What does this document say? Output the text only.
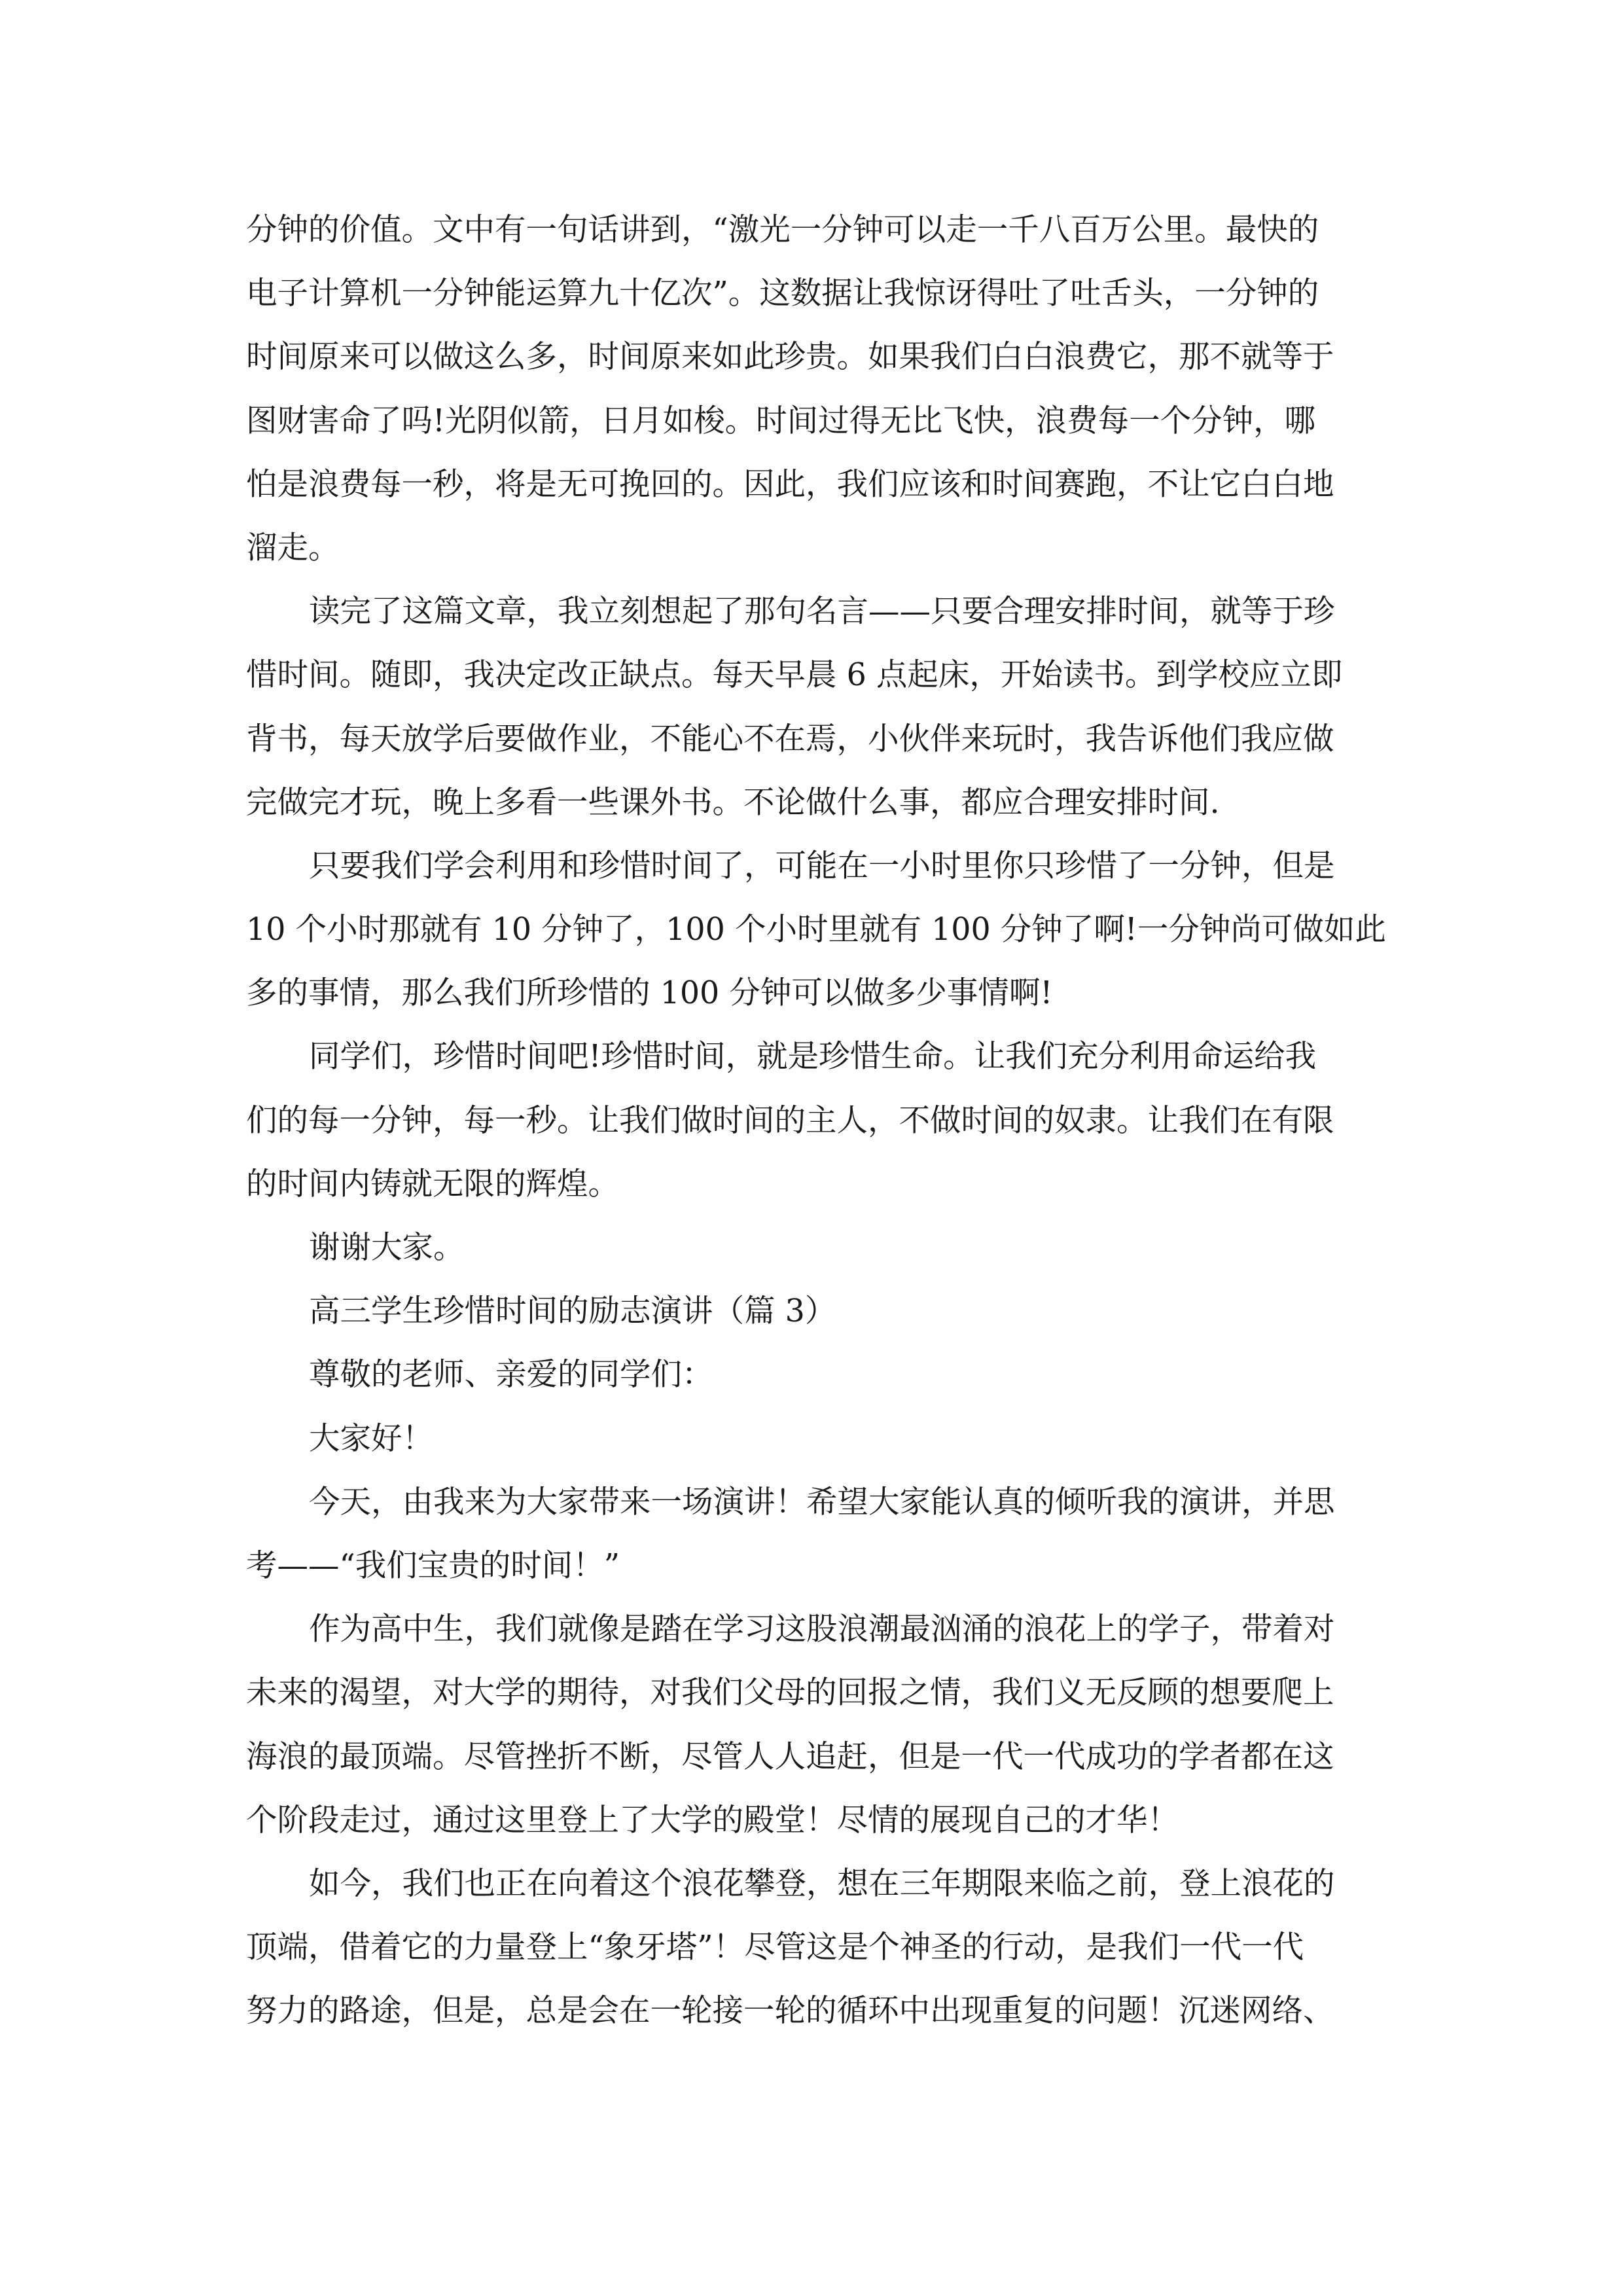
分钟的价值。文中有一句话讲到，“激光一分钟可以走一千八百万公里。最快的
电子计算机一分钟能运算九十亿次”。这数据让我惊讶得吐了吐舌头，一分钟的
时间原来可以做这么多，时间原来如此珍贵。如果我们白白浪费它，那不就等于
图财害命了吗!光阴似箭，日月如梭。时间过得无比飞快，浪费每一个分钟，哪
怕是浪费每一秒，将是无可挽回的。因此，我们应该和时间赛跑，不让它白白地
溜走。
读完了这篇文章，我立刻想起了那句名言——只要合理安排时间，就等于珍
惜时间。随即，我决定改正缺点。每天早晨 6 点起床，开始读书。到学校应立即
背书，每天放学后要做作业，不能心不在焉，小伙伴来玩时，我告诉他们我应做
完做完才玩，晚上多看一些课外书。不论做什么事，都应合理安排时间.
只要我们学会利用和珍惜时间了，可能在一小时里你只珍惜了一分钟，但是
10 个小时那就有 10 分钟了，100 个小时里就有 100 分钟了啊!一分钟尚可做如此
多的事情，那么我们所珍惜的 100 分钟可以做多少事情啊!
同学们，珍惜时间吧!珍惜时间，就是珍惜生命。让我们充分利用命运给我
们的每一分钟，每一秒。让我们做时间的主人，不做时间的奴隶。让我们在有限
的时间内铸就无限的辉煌。
谢谢大家。
高三学生珍惜时间的励志演讲（篇 3）
尊敬的老师、亲爱的同学们：
大家好！
今天，由我来为大家带来一场演讲！希望大家能认真的倾听我的演讲，并思
考——“我们宝贵的时间！”
作为高中生，我们就像是踏在学习这股浪潮最汹涌的浪花上的学子，带着对
未来的渴望，对大学的期待，对我们父母的回报之情，我们义无反顾的想要爬上
海浪的最顶端。尽管挫折不断，尽管人人追赶，但是一代一代成功的学者都在这
个阶段走过，通过这里登上了大学的殿堂！尽情的展现自己的才华！
如今，我们也正在向着这个浪花攀登，想在三年期限来临之前，登上浪花的
顶端，借着它的力量登上“象牙塔”！尽管这是个神圣的行动，是我们一代一代
努力的路途，但是，总是会在一轮接一轮的循环中出现重复的问题！沉迷网络、
